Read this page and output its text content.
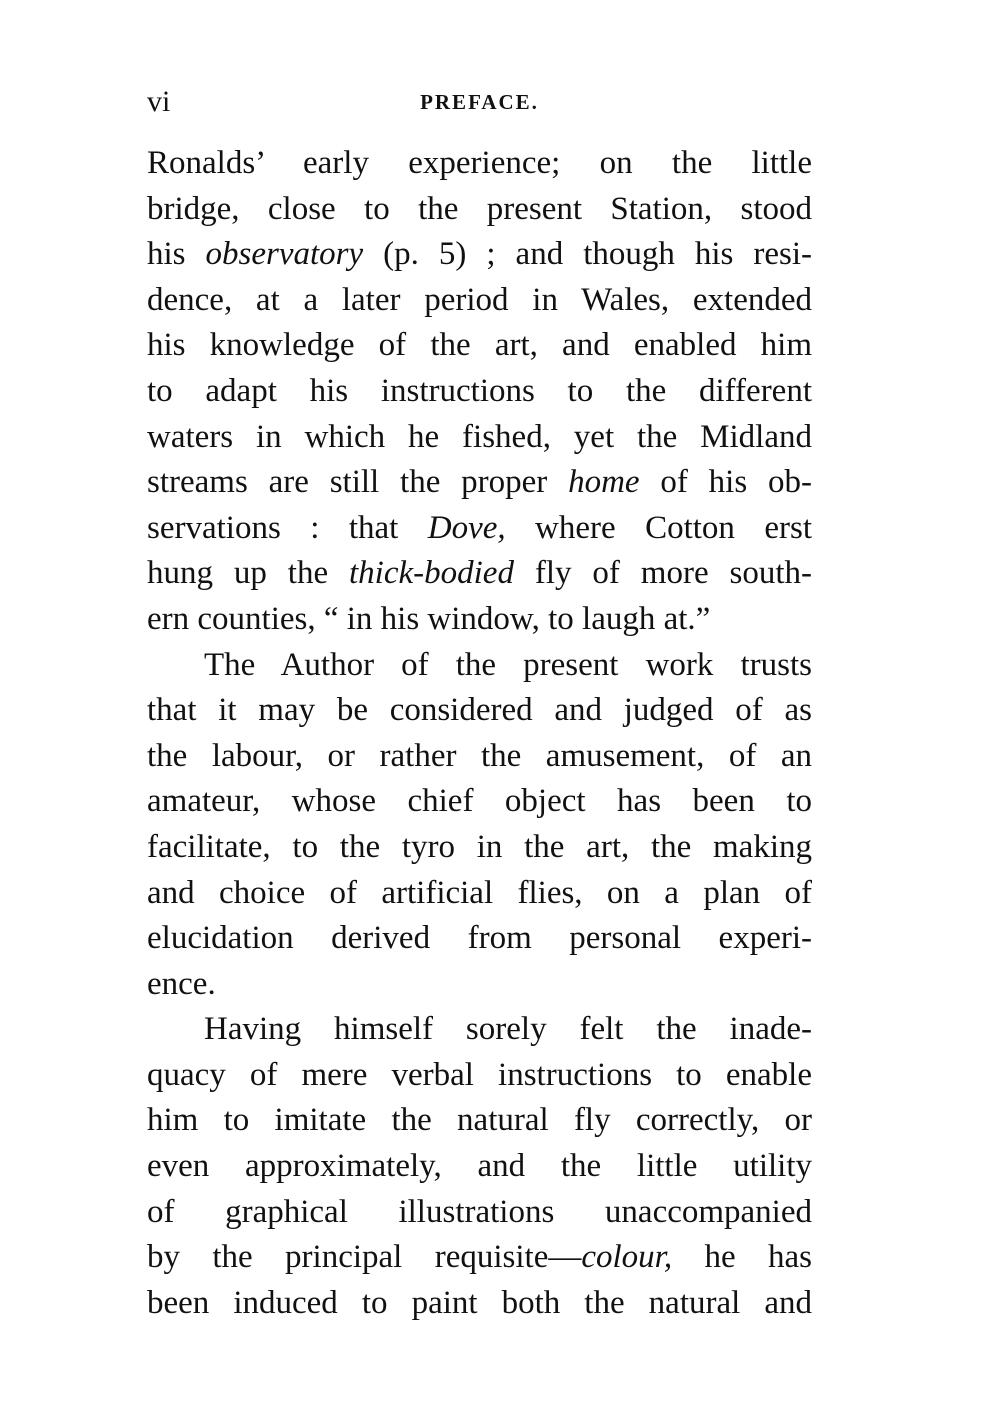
vi	PREFACE.
Ronalds’ early experience; on the little
bridge, close to the present Station, stood
his observatory (p. 5) ; and though his resi-
dence, at a later period in Wales, extended
his knowledge of the art, and enabled him
to adapt his instructions to the different
waters in which he fished, yet the Midland
streams are still the proper home of his ob-
servations : that Dove, where Cotton erst
hung up the thick-bodied fly of more south-
ern counties, “ in his window, to laugh at.”
The Author of the present work trusts
that it may be considered and judged of as
the labour, or rather the amusement, of an
amateur, whose chief object has been to
facilitate, to the tyro in the art, the making
and choice of artificial flies, on a plan of
elucidation derived from personal experi-
ence.
Having himself sorely felt the inade-
quacy of mere verbal instructions to enable
him to imitate the natural fly correctly, or
even approximately, and the little utility
of graphical illustrations unaccompanied
by the principal requisite—colour, he has
been induced to paint both the natural and
